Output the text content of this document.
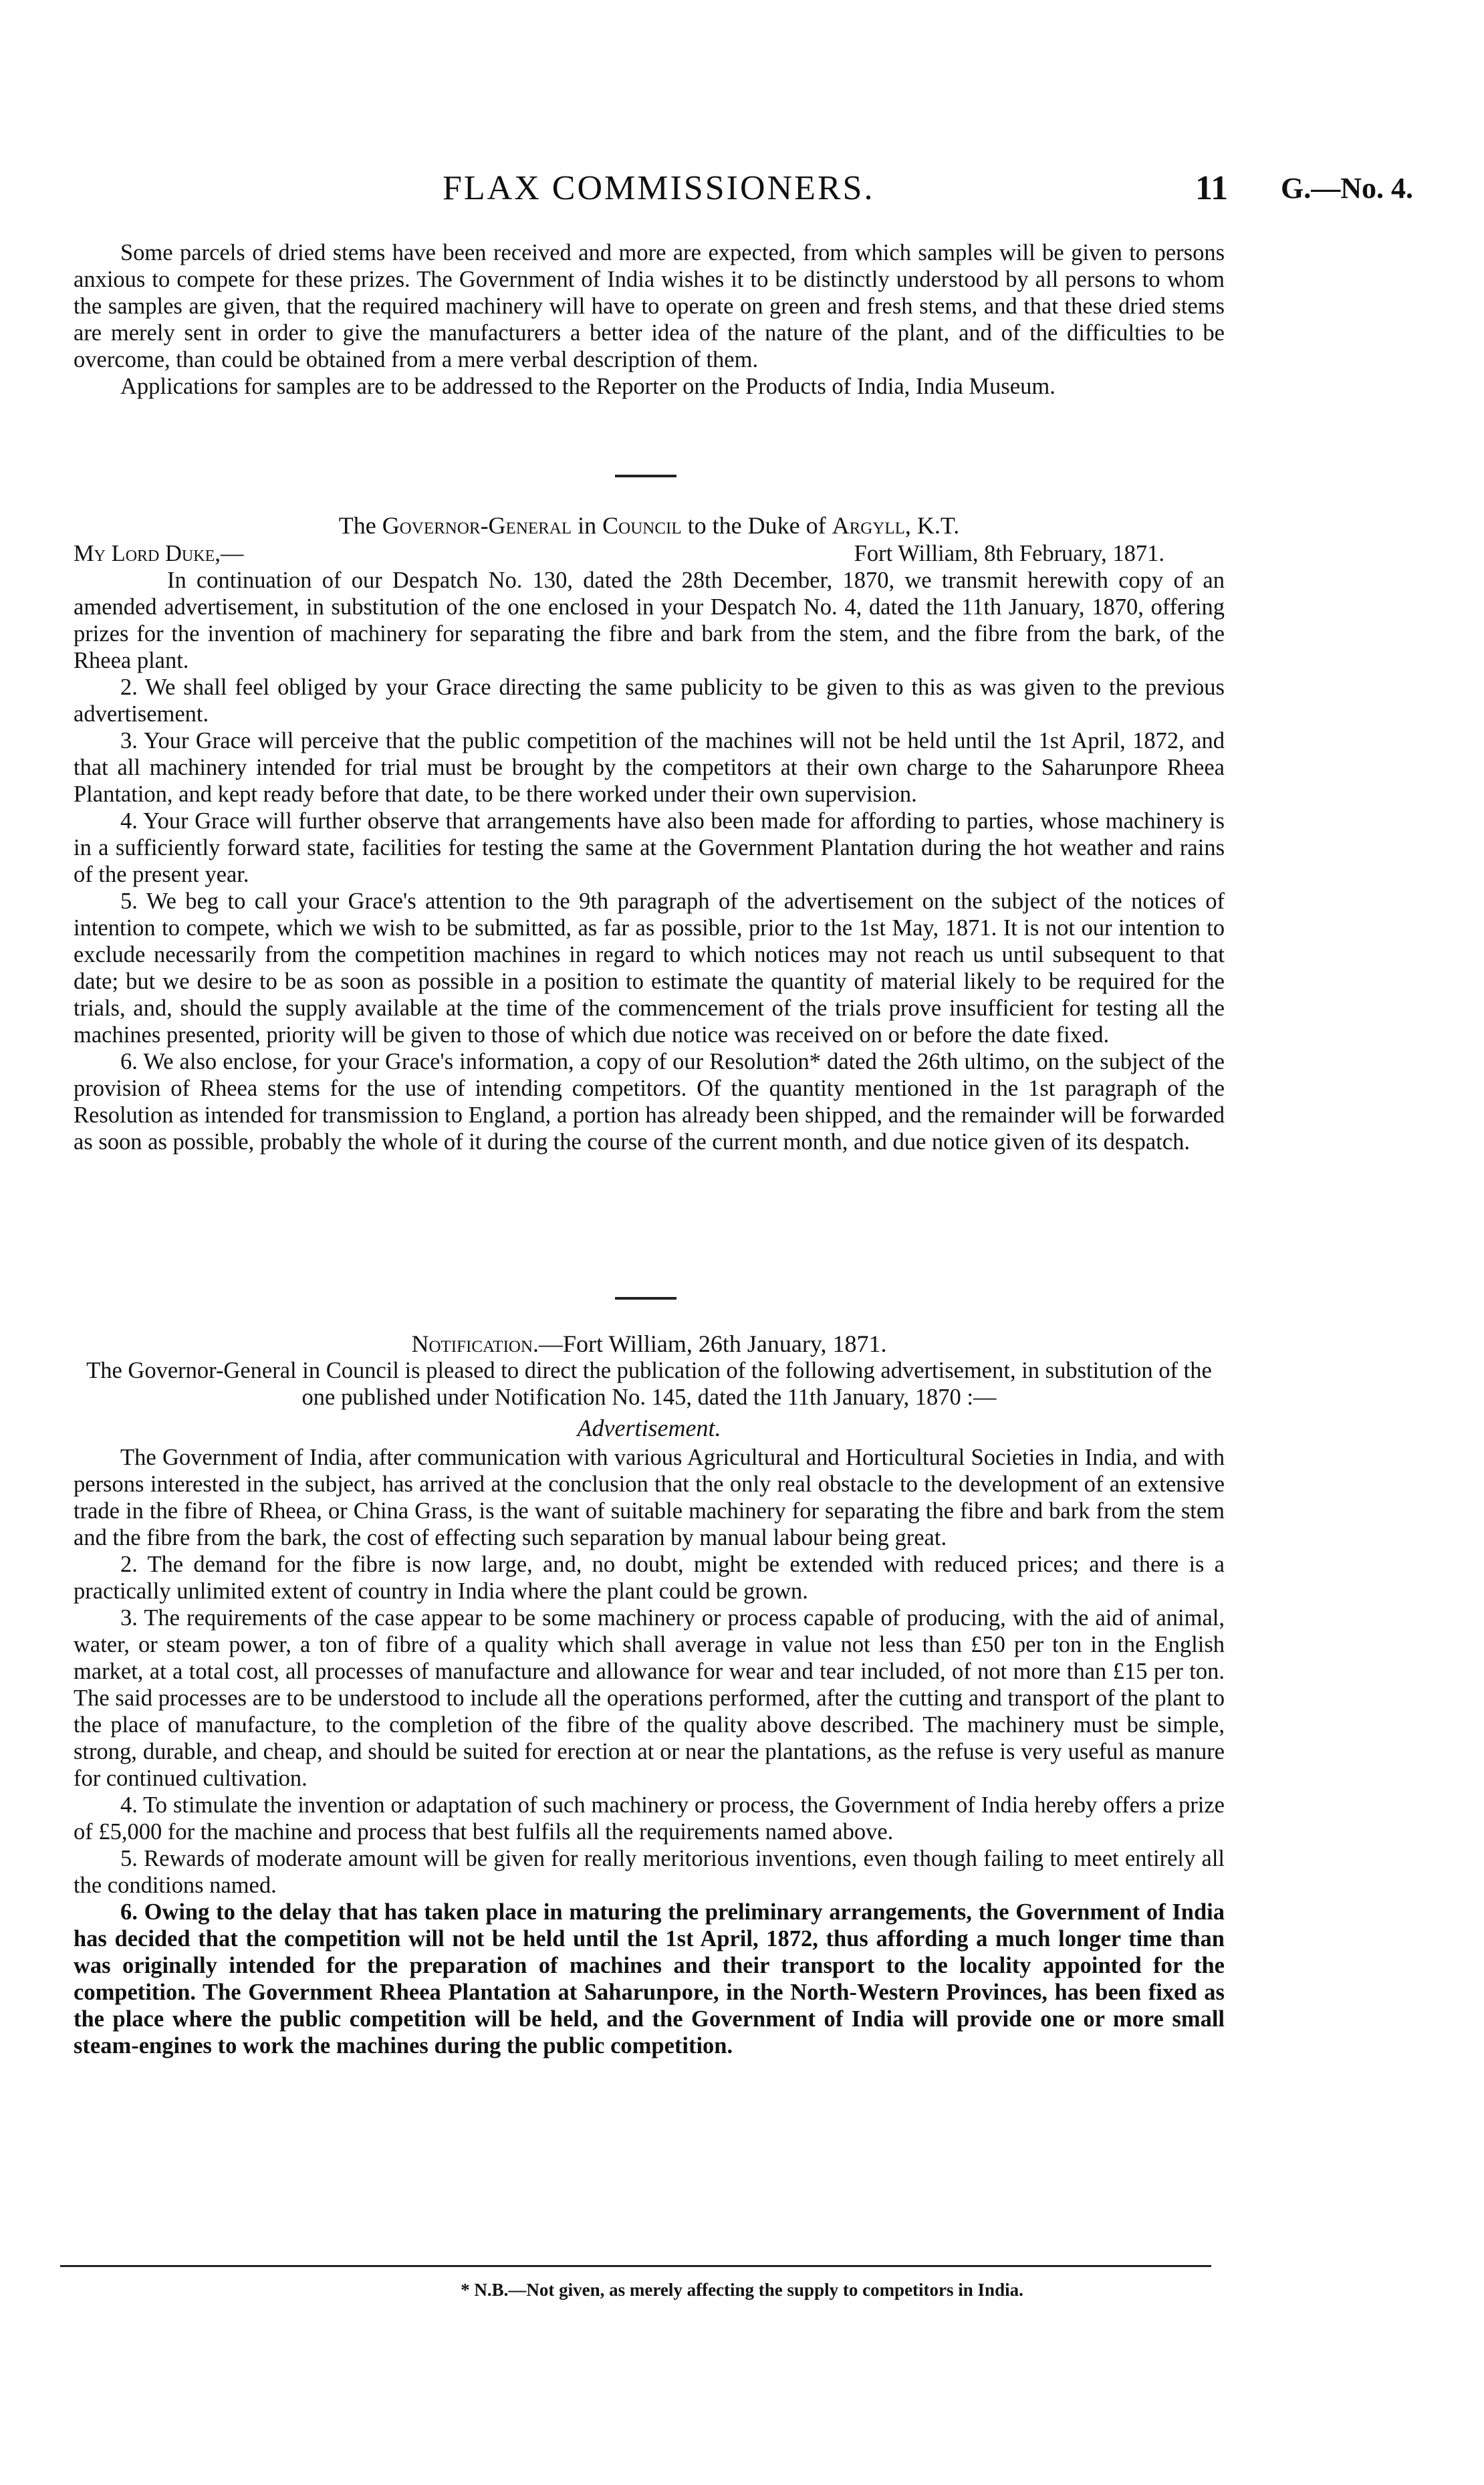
FLAX COMMISSIONERS.	11 G.—No. 4.

Some parcels of dried stems have been received and more are expected, from which samples will be given to persons anxious to compete for these prizes. The Government of India wishes it to be distinctly understood by all persons to whom the samples are given, that the required machinery will have to operate on green and fresh stems, and that these dried stems are merely sent in order to give the manufacturers a better idea of the nature of the plant, and of the difficulties to be overcome, than could be obtained from a mere verbal description of them.

Applications for samples are to be addressed to the Reporter on the Products of India, India Museum.

The Governor-General in Council to the Duke of Argyll, K.T.

My Lord Duke,—	Fort William, 8th February, 1871.

In continuation of our Despatch No. 130, dated the 28th December, 1870, we transmit herewith copy of an amended advertisement, in substitution of the one enclosed in your Despatch No. 4, dated the 11th January, 1870, offering prizes for the invention of machinery for separating the fibre and bark from the stem, and the fibre from the bark, of the Rheea plant.

2. We shall feel obliged by your Grace directing the same publicity to be given to this as was given to the previous advertisement.

3. Your Grace will perceive that the public competition of the machines will not be held until the 1st April, 1872, and that all machinery intended for trial must be brought by the competitors at their own charge to the Saharunpore Rheea Plantation, and kept ready before that date, to be there worked under their own supervision.

4. Your Grace will further observe that arrangements have also been made for affording to parties, whose machinery is in a sufficiently forward state, facilities for testing the same at the Government Plantation during the hot weather and rains of the present year.

5. We beg to call your Grace's attention to the 9th paragraph of the advertisement on the subject of the notices of intention to compete, which we wish to be submitted, as far as possible, prior to the 1st May, 1871. It is not our intention to exclude necessarily from the competition machines in regard to which notices may not reach us until subsequent to that date; but we desire to be as soon as possible in a position to estimate the quantity of material likely to be required for the trials, and, should the supply available at the time of the commencement of the trials prove insufficient for testing all the machines presented, priority will be given to those of which due notice was received on or before the date fixed.

6. We also enclose, for your Grace's information, a copy of our Resolution* dated the 26th ultimo, on the subject of the provision of Rheea stems for the use of intending competitors. Of the quantity mentioned in the 1st paragraph of the Resolution as intended for transmission to England, a portion has already been shipped, and the remainder will be forwarded as soon as possible, probably the whole of it during the course of the current month, and due notice given of its despatch.

Notification.—Fort William, 26th January, 1871.

The Governor-General in Council is pleased to direct the publication of the following advertisement, in substitution of the one published under Notification No. 145, dated the 11th January, 1870 :—

Advertisement.

The Government of India, after communication with various Agricultural and Horticultural Societies in India, and with persons interested in the subject, has arrived at the conclusion that the only real obstacle to the development of an extensive trade in the fibre of Rheea, or China Grass, is the want of suitable machinery for separating the fibre and bark from the stem and the fibre from the bark, the cost of effecting such separation by manual labour being great.

2. The demand for the fibre is now large, and, no doubt, might be extended with reduced prices; and there is a practically unlimited extent of country in India where the plant could be grown.

3. The requirements of the case appear to be some machinery or process capable of producing, with the aid of animal, water, or steam power, a ton of fibre of a quality which shall average in value not less than £50 per ton in the English market, at a total cost, all processes of manufacture and allowance for wear and tear included, of not more than £15 per ton. The said processes are to be understood to include all the operations performed, after the cutting and transport of the plant to the place of manufacture, to the completion of the fibre of the quality above described. The machinery must be simple, strong, durable, and cheap, and should be suited for erection at or near the plantations, as the refuse is very useful as manure for continued cultivation.

4. To stimulate the invention or adaptation of such machinery or process, the Government of India hereby offers a prize of £5,000 for the machine and process that best fulfils all the requirements named above.

5. Rewards of moderate amount will be given for really meritorious inventions, even though failing to meet entirely all the conditions named.

6. Owing to the delay that has taken place in maturing the preliminary arrangements, the Government of India has decided that the competition will not be held until the 1st April, 1872, thus affording a much longer time than was originally intended for the preparation of machines and their transport to the locality appointed for the competition. The Government Rheea Plantation at Saharunpore, in the North-Western Provinces, has been fixed as the place where the public competition will be held, and the Government of India will provide one or more small steam-engines to work the machines during the public competition.

* N.B.—Not given, as merely affecting the supply to competitors in India.
